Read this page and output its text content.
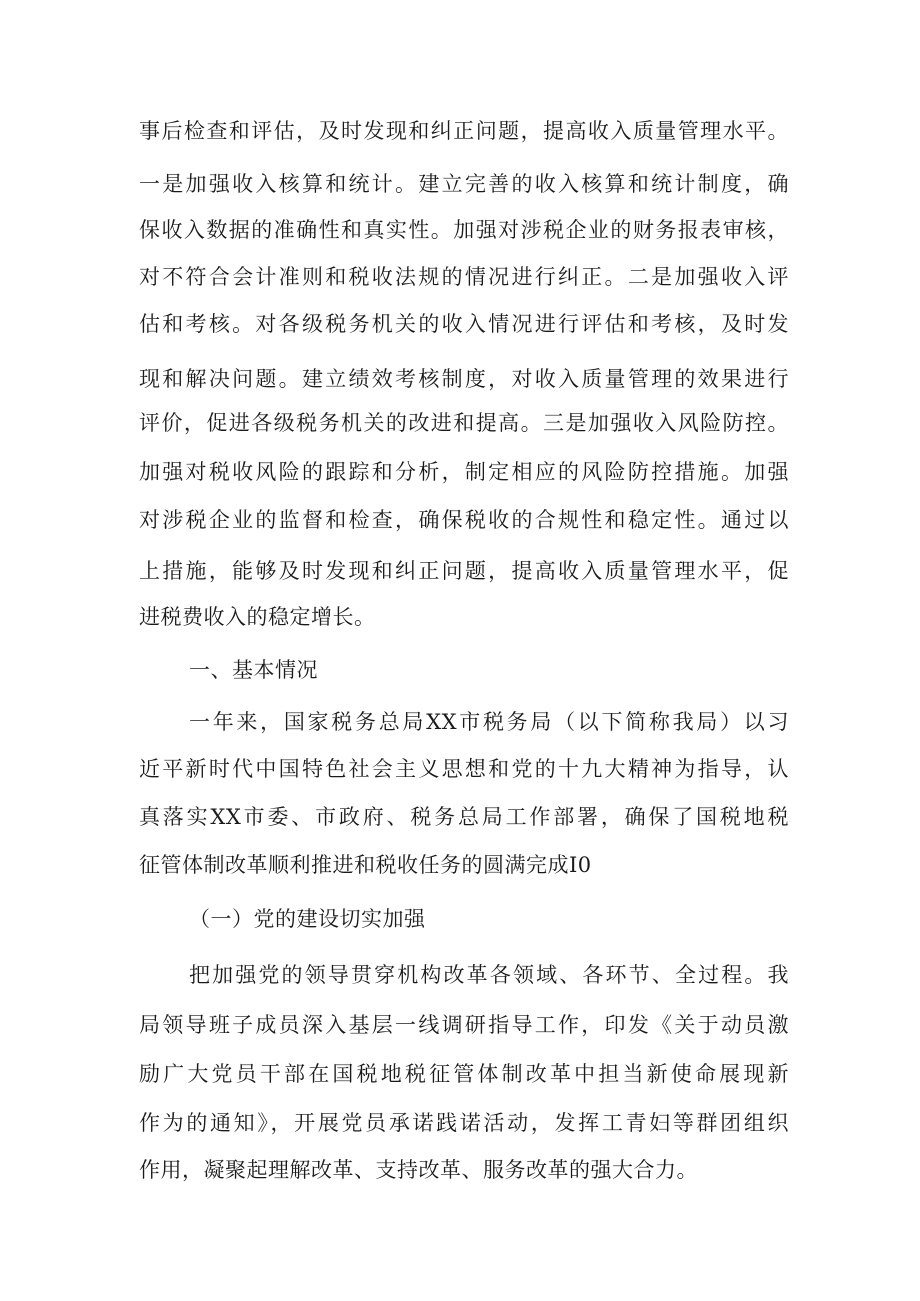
事后检查和评估，及时发现和纠正问题，提高收入质量管理水平。
一是加强收入核算和统计。建立完善的收入核算和统计制度，确
保收入数据的准确性和真实性。加强对涉税企业的财务报表审核，
对不符合会计准则和税收法规的情况进行纠正。二是加强收入评
估和考核。对各级税务机关的收入情况进行评估和考核，及时发
现和解决问题。建立绩效考核制度，对收入质量管理的效果进行
评价，促进各级税务机关的改进和提高。三是加强收入风险防控。
加强对税收风险的跟踪和分析，制定相应的风险防控措施。加强
对涉税企业的监督和检查，确保税收的合规性和稳定性。通过以
上措施，能够及时发现和纠正问题，提高收入质量管理水平，促
进税费收入的稳定增长。
一、基本情况
一年来，国家税务总局XX市税务局（以下简称我局）以习
近平新时代中国特色社会主义思想和党的十九大精神为指导，认
真落实XX市委、市政府、税务总局工作部署，确保了国税地税
征管体制改革顺利推进和税收任务的圆满完成I0
（一）党的建设切实加强
把加强党的领导贯穿机构改革各领域、各环节、全过程。我
局领导班子成员深入基层一线调研指导工作，印发《关于动员激
励广大党员干部在国税地税征管体制改革中担当新使命展现新
作为的通知》，开展党员承诺践诺活动，发挥工青妇等群团组织
作用，凝聚起理解改革、支持改革、服务改革的强大合力。
